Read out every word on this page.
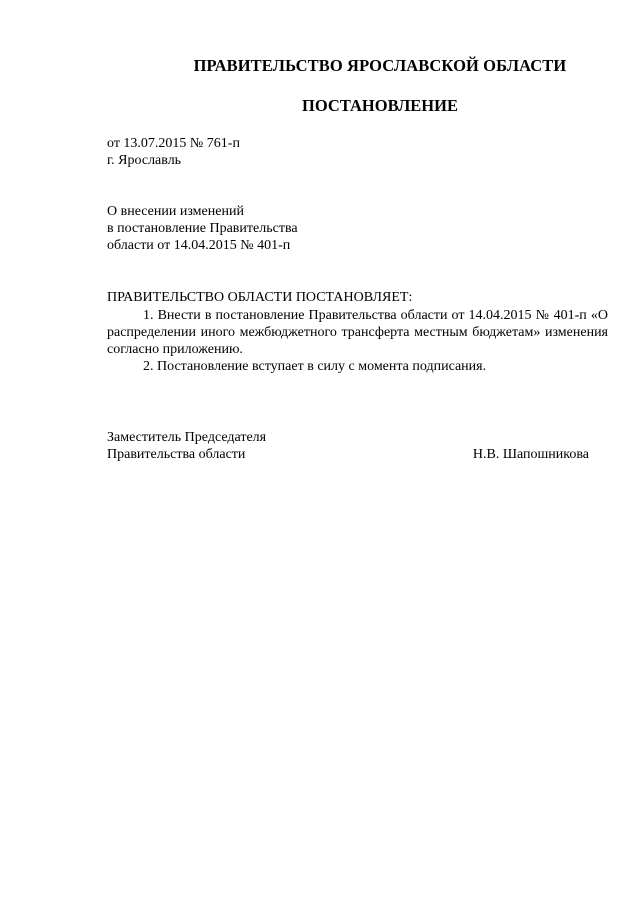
ПРАВИТЕЛЬСТВО ЯРОСЛАВСКОЙ ОБЛАСТИ
ПОСТАНОВЛЕНИЕ
от 13.07.2015 № 761-п
г. Ярославль
О внесении изменений
в постановление Правительства
области от 14.04.2015 № 401-п
ПРАВИТЕЛЬСТВО ОБЛАСТИ ПОСТАНОВЛЯЕТ:

1. Внести в постановление Правительства области от 14.04.2015 № 401-п «О распределении иного межбюджетного трансферта местным бюджетам» изменения согласно приложению.

2. Постановление вступает в силу с момента подписания.

Заместитель Председателя
Правительства области	Н.В. Шапошникова
